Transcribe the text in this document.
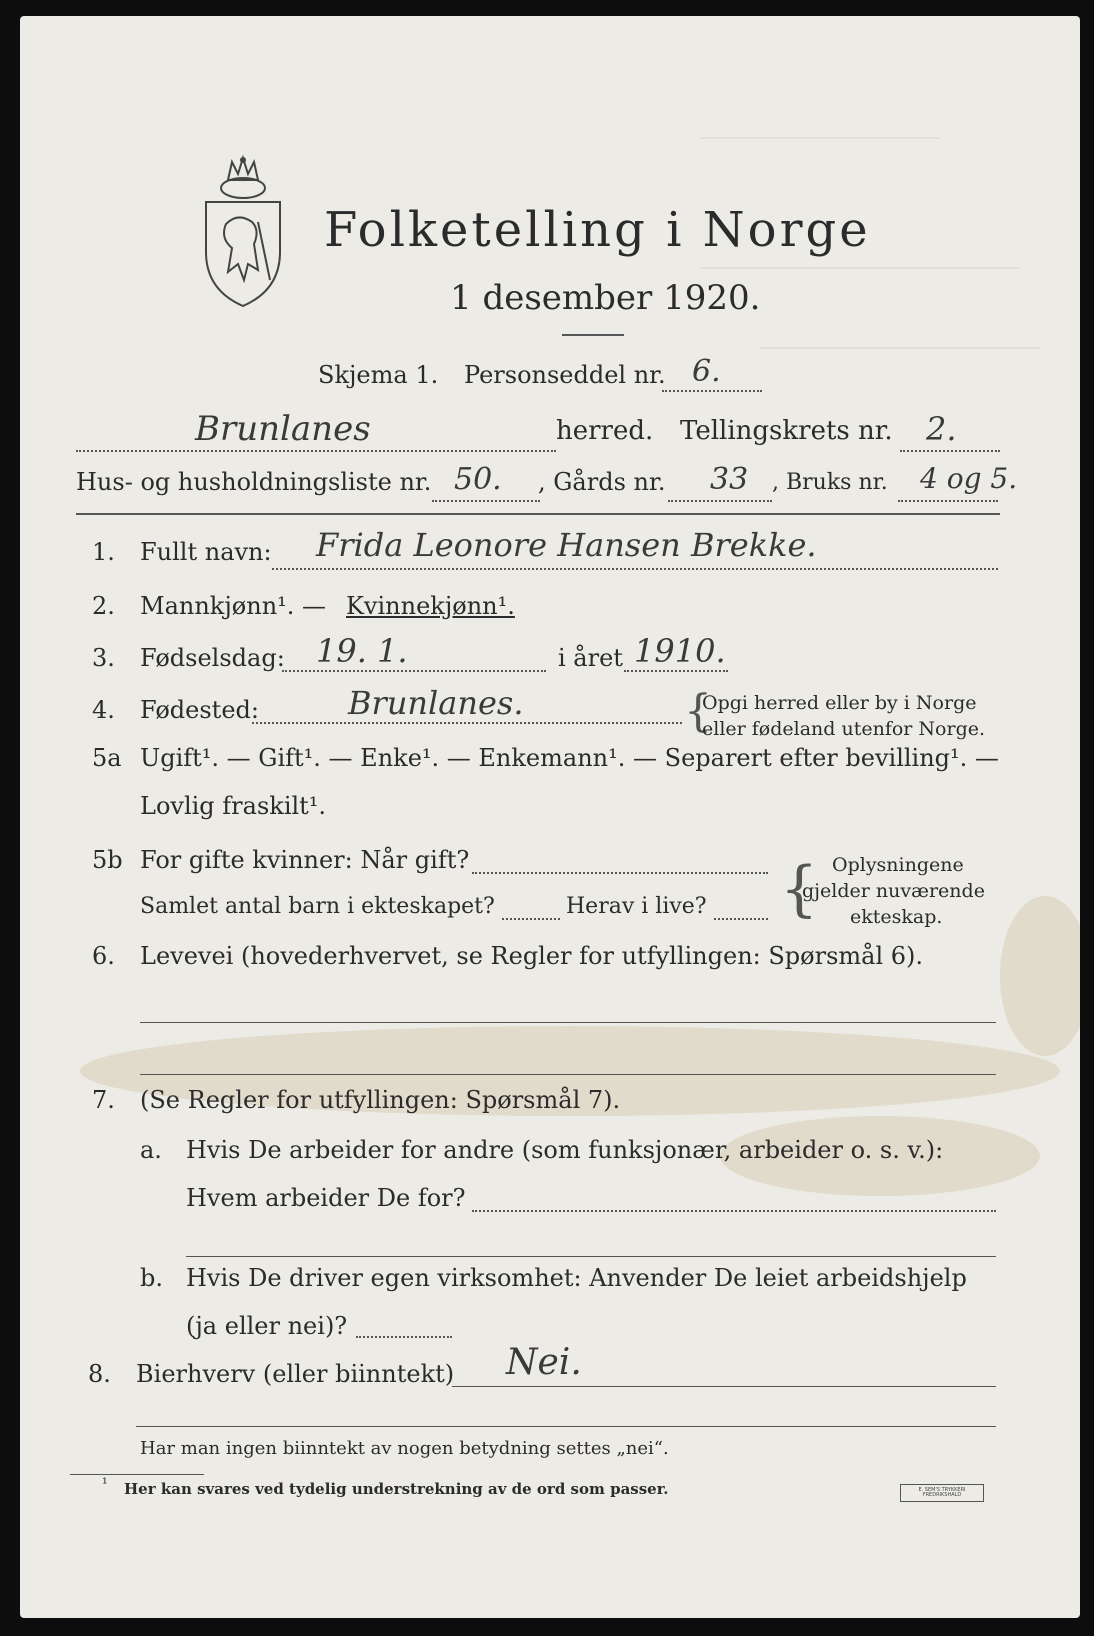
――――――――――――
――――――――――――――――
――――――――――――――
Folketelling i Norge
1 desember 1920.
Skjema 1. Personseddel nr. 6.
Brunlanes	herred. Tellingskrets nr. 2.
Hus- og husholdningsliste nr. 50. , Gårds nr. 33 , Bruks nr. 4 og 5.
1. Fullt navn: Frida Leonore Hansen Brekke.
2. Mannkjønn¹. — Kvinnekjønn¹.
3. Fødselsdag: 19. 1.	i året 1910.
4. Fødested:	Brunlanes.	{
Opgi herred eller by i Norge
eller fødeland utenfor Norge.
5a Ugift¹. — Gift¹. — Enke¹. — Enkemann¹. — Separert efter bevilling¹. —
Lovlig fraskilt¹.
5b For gifte kvinner: Når gift?
Samlet antal barn i ekteskapet?	Herav i live? { Oplysningene
gjelder nuværende
ekteskap.
6. Levevei (hovederhvervet, se Regler for utfyllingen: Spørsmål 6).
7. (Se Regler for utfyllingen: Spørsmål 7).
a. Hvis De arbeider for andre (som funksjonær, arbeider o. s. v.):
Hvem arbeider De for?
b. Hvis De driver egen virksomhet: Anvender De leiet arbeidshjelp
(ja eller nei)?
8. Bierhverv (eller biinntekt) Nei.
Har man ingen biinntekt av nogen betydning settes „nei“.
¹ Her kan svares ved tydelig understrekning av de ord som passer.	E. SEM'S TRYKKERI FREDRIKSHALD
